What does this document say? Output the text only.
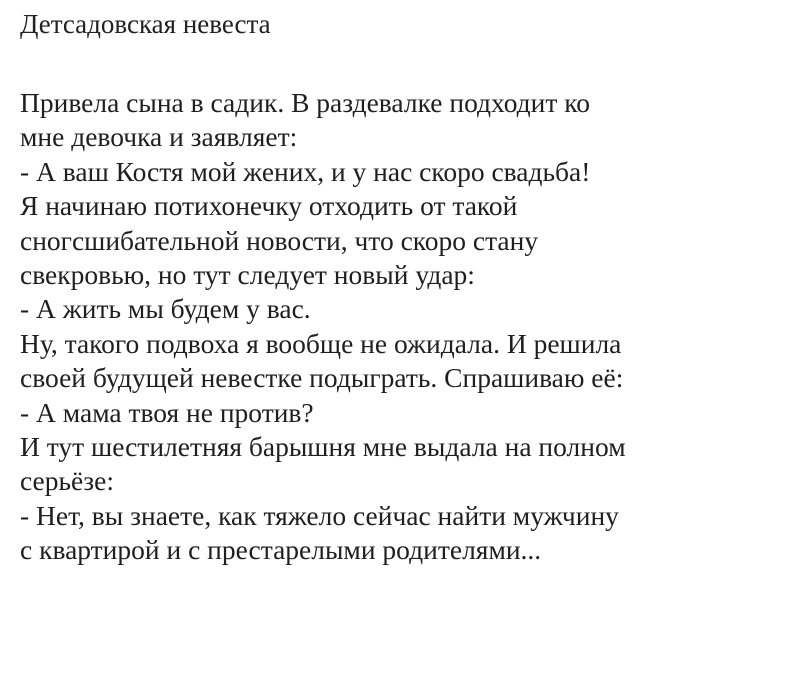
Детсадовская невеста
Привела сына в садик. В раздевалке подходит ко
мне девочка и заявляет:
- А ваш Костя мой жених, и у нас скоро свадьба!
Я начинаю потихонечку отходить от такой
сногсшибательной новости, что скоро стану
свекровью, но тут следует новый удар:
- А жить мы будем у вас.
Ну, такого подвоха я вообще не ожидала. И решила
своей будущей невестке подыграть. Спрашиваю её:
- А мама твоя не против?
И тут шестилетняя барышня мне выдала на полном
серьёзе:
- Нет, вы знаете, как тяжело сейчас найти мужчину
с квартирой и с престарелыми родителями...
